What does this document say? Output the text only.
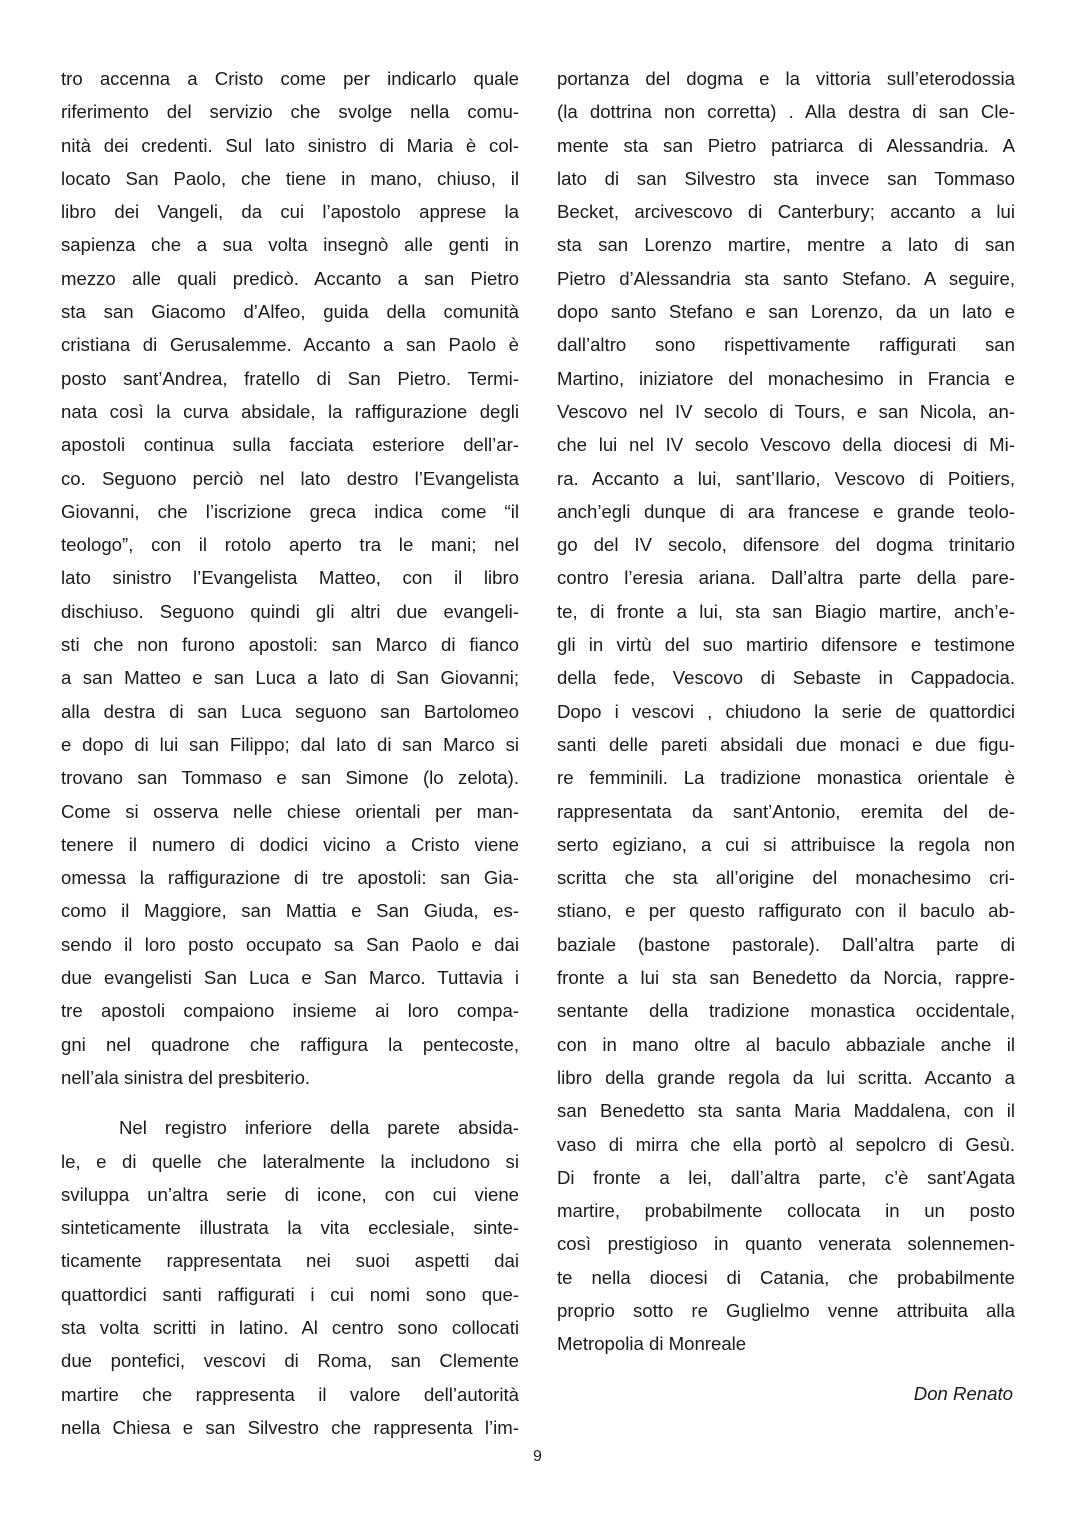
tro accenna a Cristo come per indicarlo quale
riferimento del servizio che svolge nella comu-
nità dei credenti. Sul lato sinistro di Maria è col-
locato San Paolo, che tiene in mano, chiuso, il
libro dei Vangeli, da cui l’apostolo apprese la
sapienza che a sua volta insegnò alle genti in
mezzo alle quali predicò. Accanto a san Pietro
sta san Giacomo d’Alfeo, guida della comunità
cristiana di Gerusalemme. Accanto a san Paolo è
posto sant’Andrea, fratello di San Pietro. Termi-
nata così la curva absidale, la raffigurazione degli
apostoli continua sulla facciata esteriore dell’ar-
co. Seguono perciò nel lato destro l’Evangelista
Giovanni, che l’iscrizione greca indica come “il
teologo”, con il rotolo aperto tra le mani; nel
lato sinistro l’Evangelista Matteo, con il libro
dischiuso. Seguono quindi gli altri due evangeli-
sti che non furono apostoli: san Marco di fianco
a san Matteo e san Luca a lato di San Giovanni;
alla destra di san Luca seguono san Bartolomeo
e dopo di lui san Filippo; dal lato di san Marco si
trovano san Tommaso e san Simone (lo zelota).
Come si osserva nelle chiese orientali per man-
tenere il numero di dodici vicino a Cristo viene
omessa la raffigurazione di tre apostoli: san Gia-
como il Maggiore, san Mattia e San Giuda, es-
sendo il loro posto occupato sa San Paolo e dai
due evangelisti San Luca e San Marco. Tuttavia i
tre apostoli compaiono insieme ai loro compa-
gni nel quadrone che raffigura la pentecoste,
nell’ala sinistra del presbiterio.
Nel registro inferiore della parete absida-
le, e di quelle che lateralmente la includono si
sviluppa un’altra serie di icone, con cui viene
sinteticamente illustrata la vita ecclesiale, sinte-
ticamente rappresentata nei suoi aspetti dai
quattordici santi raffigurati i cui nomi sono que-
sta volta scritti in latino. Al centro sono collocati
due pontefici, vescovi di Roma, san Clemente
martire che rappresenta il valore dell’autorità
nella Chiesa e san Silvestro che rappresenta l’im-
portanza del dogma e la vittoria sull’eterodossia
(la dottrina non corretta) . Alla destra di san Cle-
mente sta san Pietro patriarca di Alessandria. A
lato di san Silvestro sta invece san Tommaso
Becket, arcivescovo di Canterbury; accanto a lui
sta san Lorenzo martire, mentre a lato di san
Pietro d’Alessandria sta santo Stefano. A seguire,
dopo santo Stefano e san Lorenzo, da un lato e
dall’altro sono rispettivamente raffigurati san
Martino, iniziatore del monachesimo in Francia e
Vescovo nel IV secolo di Tours, e san Nicola, an-
che lui nel IV secolo Vescovo della diocesi di Mi-
ra. Accanto a lui, sant’Ilario, Vescovo di Poitiers,
anch’egli dunque di ara francese e grande teolo-
go del IV secolo, difensore del dogma trinitario
contro l’eresia ariana. Dall’altra parte della pare-
te, di fronte a lui, sta san Biagio martire, anch’e-
gli in virtù del suo martirio difensore e testimone
della fede, Vescovo di Sebaste in Cappadocia.
Dopo i vescovi , chiudono la serie de quattordici
santi delle pareti absidali due monaci e due figu-
re femminili. La tradizione monastica orientale è
rappresentata da sant’Antonio, eremita del de-
serto egiziano, a cui si attribuisce la regola non
scritta che sta all’origine del monachesimo cri-
stiano, e per questo raffigurato con il baculo ab-
baziale (bastone pastorale). Dall’altra parte di
fronte a lui sta san Benedetto da Norcia, rappre-
sentante della tradizione monastica occidentale,
con in mano oltre al baculo abbaziale anche il
libro della grande regola da lui scritta. Accanto a
san Benedetto sta santa Maria Maddalena, con il
vaso di mirra che ella portò al sepolcro di Gesù.
Di fronte a lei, dall’altra parte, c’è sant’Agata
martire, probabilmente collocata in un posto
così prestigioso in quanto venerata solennemen-
te nella diocesi di Catania, che probabilmente
proprio sotto re Guglielmo venne attribuita alla
Metropolia di Monreale
Don Renato
9
